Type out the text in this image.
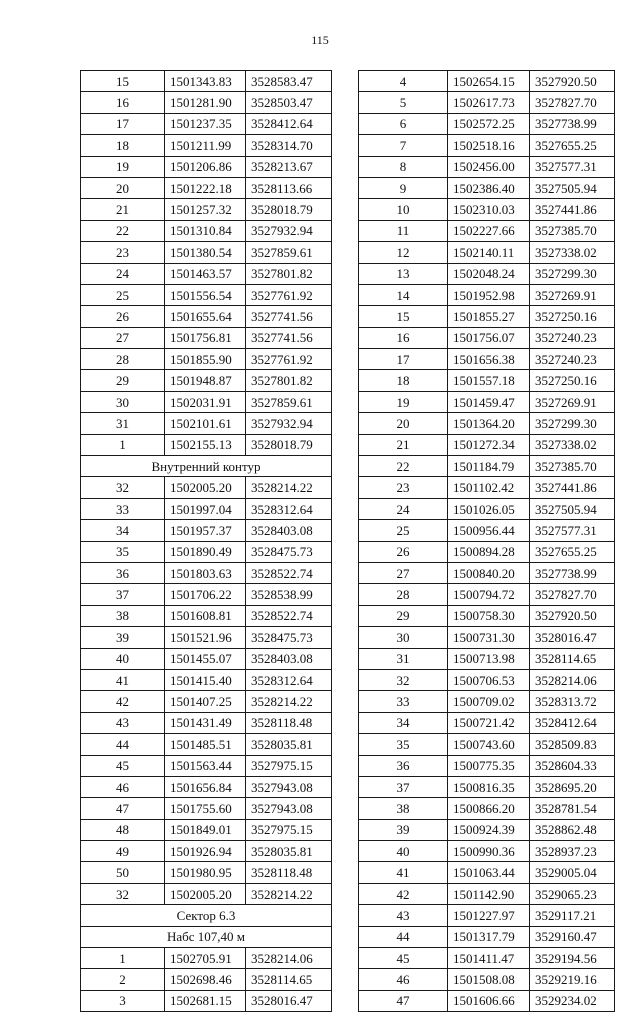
115
15	1501343.83	3528583.47
16	1501281.90	3528503.47
17	1501237.35	3528412.64
18	1501211.99	3528314.70
19	1501206.86	3528213.67
20	1501222.18	3528113.66
21	1501257.32	3528018.79
22	1501310.84	3527932.94
23	1501380.54	3527859.61
24	1501463.57	3527801.82
25	1501556.54	3527761.92
26	1501655.64	3527741.56
27	1501756.81	3527741.56
28	1501855.90	3527761.92
29	1501948.87	3527801.82
30	1502031.91	3527859.61
31	1502101.61	3527932.94
1	1502155.13	3528018.79
Внутренний контур		
32	1502005.20	3528214.22
33	1501997.04	3528312.64
34	1501957.37	3528403.08
35	1501890.49	3528475.73
36	1501803.63	3528522.74
37	1501706.22	3528538.99
38	1501608.81	3528522.74
39	1501521.96	3528475.73
40	1501455.07	3528403.08
41	1501415.40	3528312.64
42	1501407.25	3528214.22
43	1501431.49	3528118.48
44	1501485.51	3528035.81
45	1501563.44	3527975.15
46	1501656.84	3527943.08
47	1501755.60	3527943.08
48	1501849.01	3527975.15
49	1501926.94	3528035.81
50	1501980.95	3528118.48
32	1502005.20	3528214.22
Сектор 6.3		
Набс 107,40 м		
1	1502705.91	3528214.06
2	1502698.46	3528114.65
3	1502681.15	3528016.47
4	1502654.15	3527920.50
5	1502617.73	3527827.70
6	1502572.25	3527738.99
7	1502518.16	3527655.25
8	1502456.00	3527577.31
9	1502386.40	3527505.94
10	1502310.03	3527441.86
11	1502227.66	3527385.70
12	1502140.11	3527338.02
13	1502048.24	3527299.30
14	1501952.98	3527269.91
15	1501855.27	3527250.16
16	1501756.07	3527240.23
17	1501656.38	3527240.23
18	1501557.18	3527250.16
19	1501459.47	3527269.91
20	1501364.20	3527299.30
21	1501272.34	3527338.02
22	1501184.79	3527385.70
23	1501102.42	3527441.86
24	1501026.05	3527505.94
25	1500956.44	3527577.31
26	1500894.28	3527655.25
27	1500840.20	3527738.99
28	1500794.72	3527827.70
29	1500758.30	3527920.50
30	1500731.30	3528016.47
31	1500713.98	3528114.65
32	1500706.53	3528214.06
33	1500709.02	3528313.72
34	1500721.42	3528412.64
35	1500743.60	3528509.83
36	1500775.35	3528604.33
37	1500816.35	3528695.20
38	1500866.20	3528781.54
39	1500924.39	3528862.48
40	1500990.36	3528937.23
41	1501063.44	3529005.04
42	1501142.90	3529065.23
43	1501227.97	3529117.21
44	1501317.79	3529160.47
45	1501411.47	3529194.56
46	1501508.08	3529219.16
47	1501606.66	3529234.02
